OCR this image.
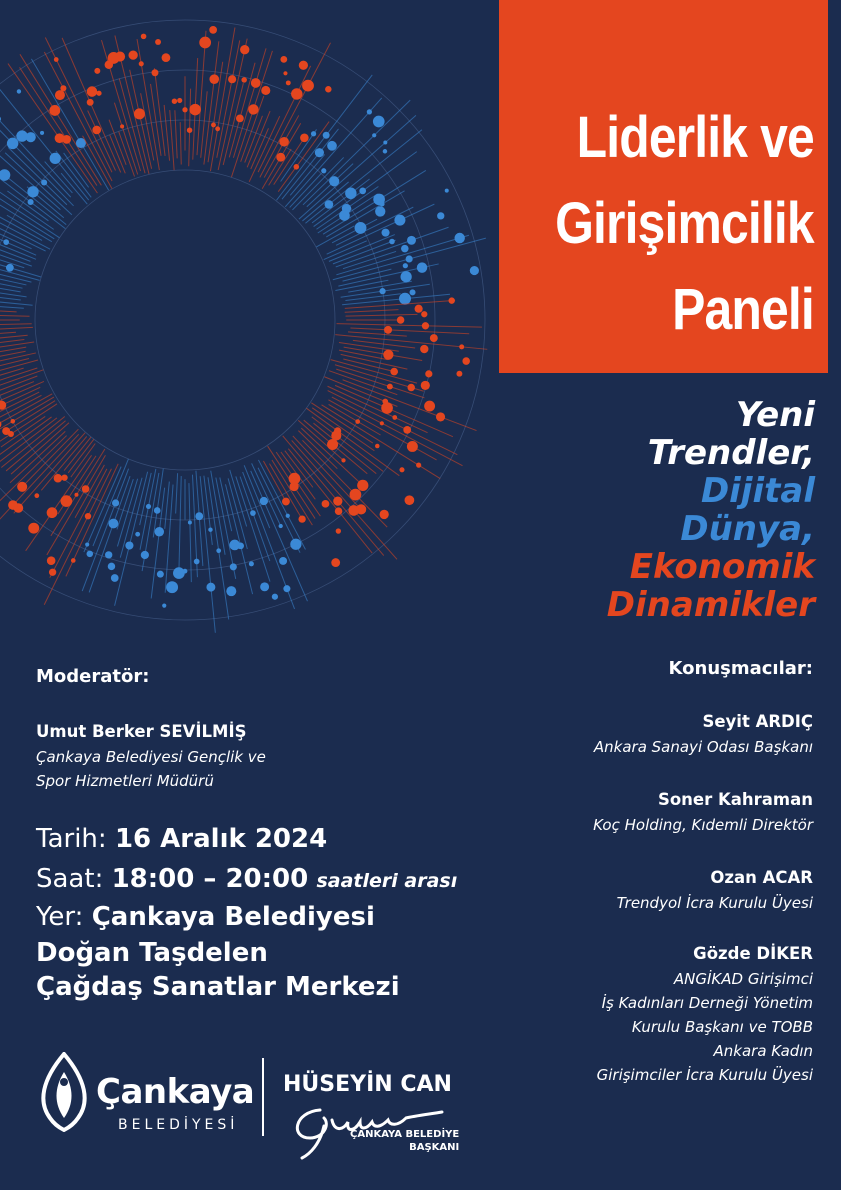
Liderlik ve
Girişimcilik
Paneli
Yeni
Trendler,
Dijital
Dünya,
Ekonomik
Dinamikler
Moderatör:
Umut Berker SEVİLMİŞ
Çankaya Belediyesi Gençlik ve
Spor Hizmetleri Müdürü
Tarih: 16 Aralık 2024
Saat: 18:00 – 20:00 saatleri arası
Yer: Çankaya Belediyesi
Doğan Taşdelen
Çağdaş Sanatlar Merkezi
Konuşmacılar:
Seyit ARDIÇ
Ankara Sanayi Odası Başkanı
Soner Kahraman
Koç Holding, Kıdemli Direktör
Ozan ACAR
Trendyol İcra Kurulu Üyesi
Gözde DİKER
ANGİKAD Girişimci
İş Kadınları Derneği Yönetim
Kurulu Başkanı ve TOBB
Ankara Kadın
Girişimciler İcra Kurulu Üyesi
Çankaya
BELEDİYESİ
HÜSEYİN CAN
ÇANKAYA BELEDİYE
BAŞKANI
